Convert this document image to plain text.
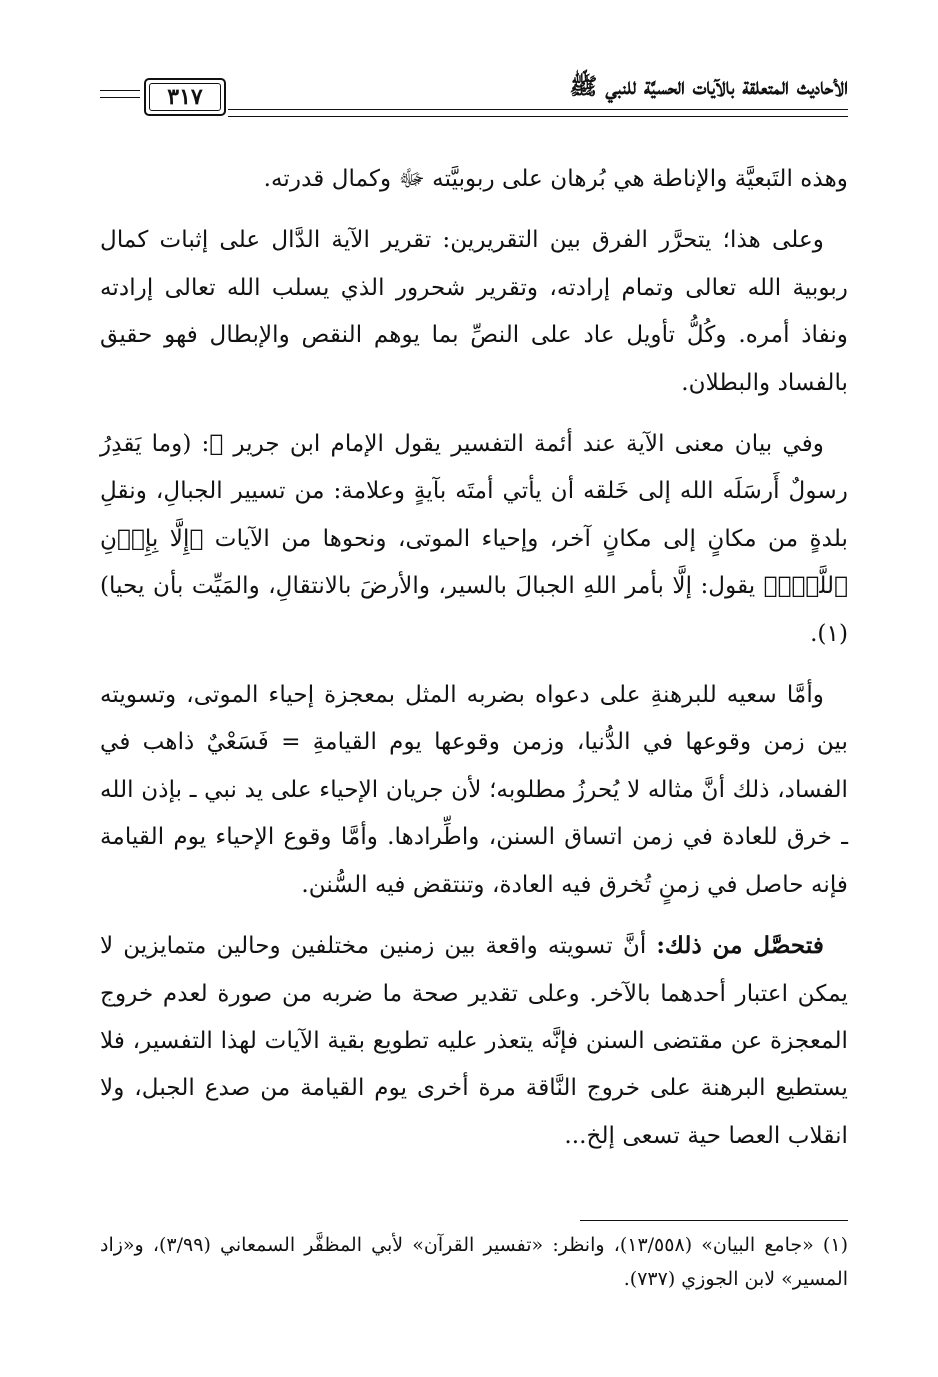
الأحاديث المتعلقة بالآيات الحسيَّة للنبي ﷺ
٣١٧

وهذه التَبعيَّة والإناطة هي بُرهان على ربوبيَّته ﷻ وكمال قدرته.

وعلى هذا؛ يتحرَّر الفرق بين التقريرين: تقرير الآية الدَّال على إثبات كمال ربوبية الله تعالى وتمام إرادته، وتقرير شحرور الذي يسلب الله تعالى إرادته ونفاذ أمره. وكُلُّ تأويل عاد على النصِّ بما يوهم النقص والإبطال فهو حقيق بالفساد والبطلان.

وفي بيان معنى الآية عند أئمة التفسير يقول الإمام ابن جرير ﷺ: (وما يَقدِرُ رسولٌ أَرسَلَه الله إلى خَلقه أن يأتي أمتَه بآيةٍ وعلامة: من تسيير الجبالِ، ونقلِ بلدةٍ من مكانٍ إلى مكانٍ آخر، وإحياء الموتى، ونحوها من الآيات ﴿إِلَّا بِإِذۡنِ ٱللَّهِۚ﴾ يقول: إلَّا بأمر اللهِ الجبالَ بالسير، والأرضَ بالانتقالِ، والمَيِّت بأن يحيا)(١).

وأمَّا سعيه للبرهنةِ على دعواه بضربه المثل بمعجزة إحياء الموتى، وتسويته بين زمن وقوعها في الدُّنيا، وزمن وقوعها يوم القيامةِ = فَسَعْيٌ ذاهب في الفساد، ذلك أنَّ مثاله لا يُحرزُ مطلوبه؛ لأن جريان الإحياء على يد نبي ـ بإذن الله ـ خرق للعادة في زمن اتساق السنن، واطِّرادها. وأمَّا وقوع الإحياء يوم القيامة فإنه حاصل في زمنٍ تُخرق فيه العادة، وتنتقض فيه السُّنن.

فتحصَّل من ذلك: أنَّ تسويته واقعة بين زمنين مختلفين وحالين متمايزين لا يمكن اعتبار أحدهما بالآخر. وعلى تقدير صحة ما ضربه من صورة لعدم خروج المعجزة عن مقتضى السنن فإنَّه يتعذر عليه تطويع بقية الآيات لهذا التفسير، فلا يستطيع البرهنة على خروج النَّاقة مرة أخرى يوم القيامة من صدع الجبل، ولا انقلاب العصا حية تسعى إلخ...

(١) «جامع البيان» (١٣/٥٥٨)، وانظر: «تفسير القرآن» لأبي المظفَّر السمعاني (٣/٩٩)، و«زاد المسير» لابن الجوزي (٧٣٧).
